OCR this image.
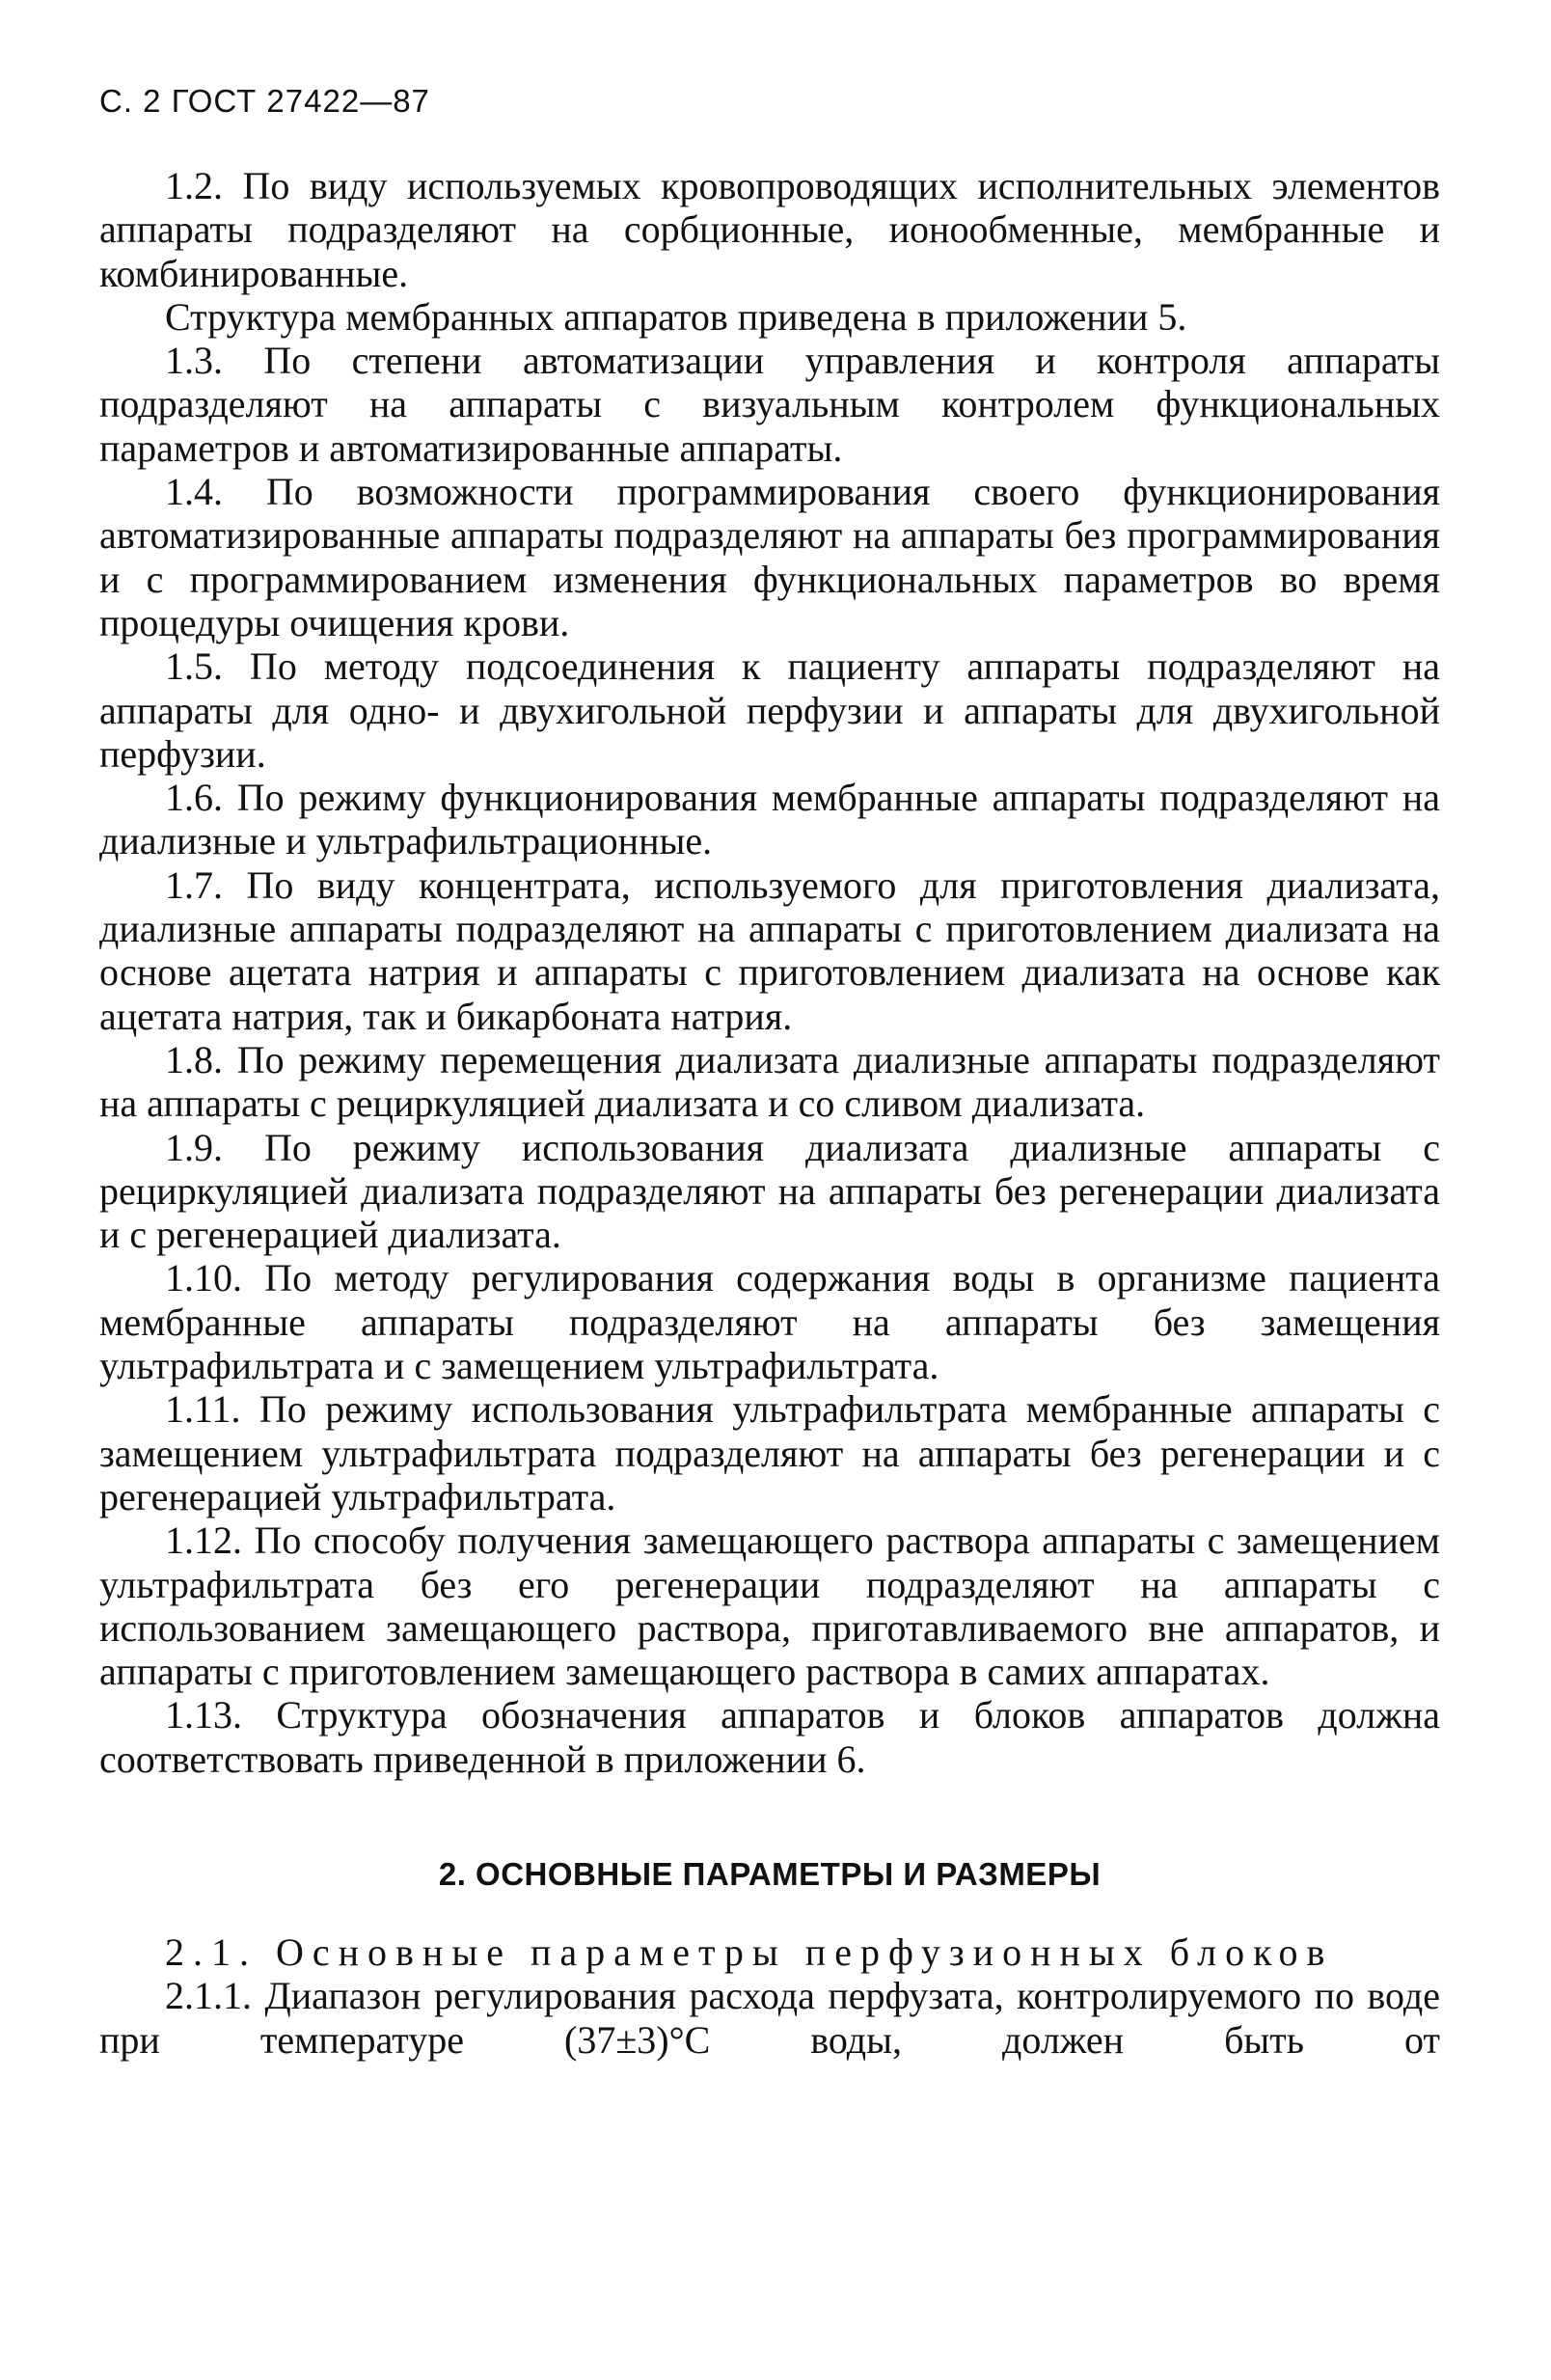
С. 2 ГОСТ 27422—87

1.2. По виду используемых кровопроводящих исполнительных элементов аппараты подразделяют на сорбционные, ионообменные, мембранные и комбинированные.

Структура мембранных аппаратов приведена в приложении 5.

1.3. По степени автоматизации управления и контроля аппараты подразделяют на аппараты с визуальным контролем функциональных параметров и автоматизированные аппараты.

1.4. По возможности программирования своего функционирования автоматизированные аппараты подразделяют на аппараты без программирования и с программированием изменения функциональных параметров во время процедуры очищения крови.

1.5. По методу подсоединения к пациенту аппараты подразделяют на аппараты для одно- и двухигольной перфузии и аппараты для двухигольной перфузии.

1.6. По режиму функционирования мембранные аппараты подразделяют на диализные и ультрафильтрационные.

1.7. По виду концентрата, используемого для приготовления диализата, диализные аппараты подразделяют на аппараты с приготовлением диализата на основе ацетата натрия и аппараты с приготовлением диализата на основе как ацетата натрия, так и бикарбоната натрия.

1.8. По режиму перемещения диализата диализные аппараты подразделяют на аппараты с рециркуляцией диализата и со сливом диализата.

1.9. По режиму использования диализата диализные аппараты с рециркуляцией диализата подразделяют на аппараты без регенерации диализата и с регенерацией диализата.

1.10. По методу регулирования содержания воды в организме пациента мембранные аппараты подразделяют на аппараты без замещения ультрафильтрата и с замещением ультрафильтрата.

1.11. По режиму использования ультрафильтрата мембранные аппараты с замещением ультрафильтрата подразделяют на аппараты без регенерации и с регенерацией ультрафильтрата.

1.12. По способу получения замещающего раствора аппараты с замещением ультрафильтрата без его регенерации подразделяют на аппараты с использованием замещающего раствора, приготавливаемого вне аппаратов, и аппараты с приготовлением замещающего раствора в самих аппаратах.

1.13. Структура обозначения аппаратов и блоков аппаратов должна соответствовать приведенной в приложении 6.

2. ОСНОВНЫЕ ПАРАМЕТРЫ И РАЗМЕРЫ

2.1. Основные параметры перфузионных блоков

2.1.1. Диапазон регулирования расхода перфузата, контролируемого по воде при температуре (37±3)°С воды, должен быть от
